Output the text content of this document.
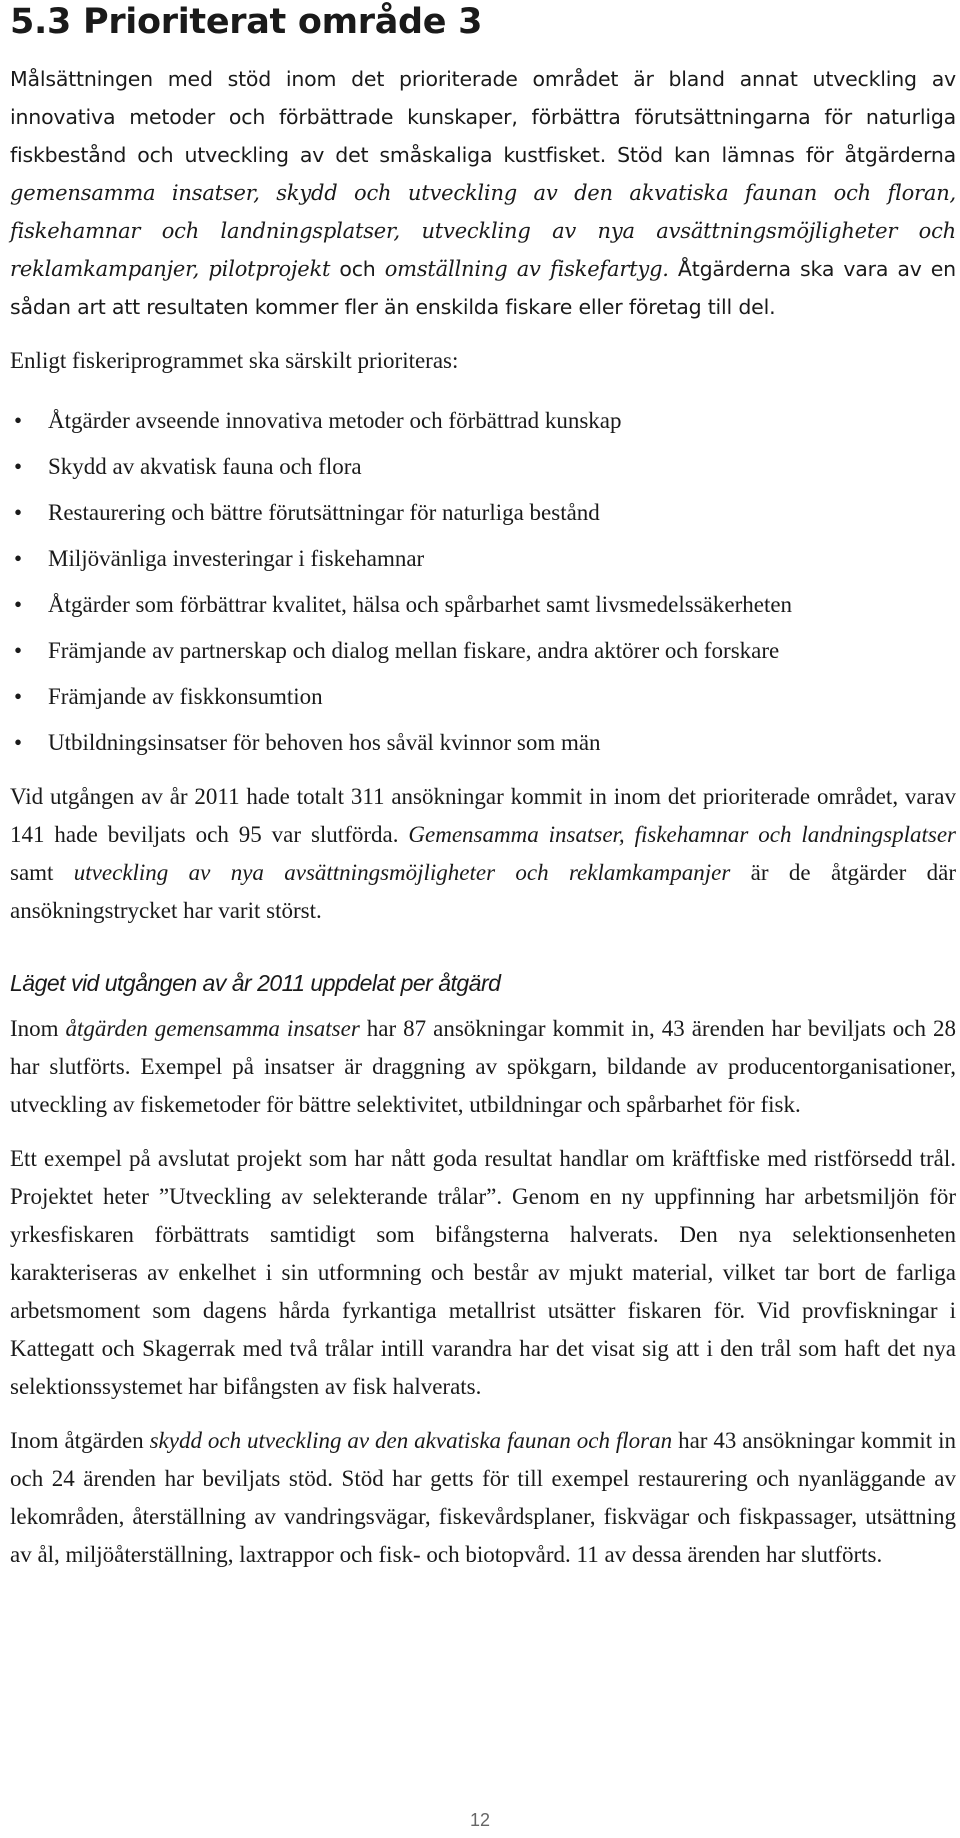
5.3 Prioriterat område 3

Målsättningen med stöd inom det prioriterade området är bland annat utveckling av innovativa metoder och förbättrade kunskaper, förbättra förutsättningarna för naturliga fiskbestånd och utveckling av det småskaliga kustfisket. Stöd kan lämnas för åtgärderna gemensamma insatser, skydd och utveckling av den akvatiska faunan och floran, fiskehamnar och landningsplatser, utveckling av nya avsättningsmöjligheter och reklamkampanjer, pilotprojekt och omställning av fiskefartyg. Åtgärderna ska vara av en sådan art att resultaten kommer fler än enskilda fiskare eller företag till del.

Enligt fiskeriprogrammet ska särskilt prioriteras:

• Åtgärder avseende innovativa metoder och förbättrad kunskap
• Skydd av akvatisk fauna och flora
• Restaurering och bättre förutsättningar för naturliga bestånd
• Miljövänliga investeringar i fiskehamnar
• Åtgärder som förbättrar kvalitet, hälsa och spårbarhet samt livsmedelssäkerheten
• Främjande av partnerskap och dialog mellan fiskare, andra aktörer och forskare
• Främjande av fiskkonsumtion
• Utbildningsinsatser för behoven hos såväl kvinnor som män

Vid utgången av år 2011 hade totalt 311 ansökningar kommit in inom det prioriterade området, varav 141 hade beviljats och 95 var slutförda. Gemensamma insatser, fiskehamnar och landningsplatser samt utveckling av nya avsättningsmöjligheter och reklamkampanjer är de åtgärder där ansökningstrycket har varit störst.

Läget vid utgången av år 2011 uppdelat per åtgärd

Inom åtgärden gemensamma insatser har 87 ansökningar kommit in, 43 ärenden har beviljats och 28 har slutförts. Exempel på insatser är draggning av spökgarn, bildande av producentorganisationer, utveckling av fiskemetoder för bättre selektivitet, utbildningar och spårbarhet för fisk.

Ett exempel på avslutat projekt som har nått goda resultat handlar om kräftfiske med ristförsedd trål. Projektet heter ”Utveckling av selekterande trålar”. Genom en ny uppfinning har arbetsmiljön för yrkesfiskaren förbättrats samtidigt som bifångsterna halverats. Den nya selektionsenheten karakteriseras av enkelhet i sin utformning och består av mjukt material, vilket tar bort de farliga arbetsmoment som dagens hårda fyrkantiga metallrist utsätter fiskaren för. Vid provfiskningar i Kattegatt och Skagerrak med två trålar intill varandra har det visat sig att i den trål som haft det nya selektionssystemet har bifångsten av fisk halverats.

Inom åtgärden skydd och utveckling av den akvatiska faunan och floran har 43 ansökningar kommit in och 24 ärenden har beviljats stöd. Stöd har getts för till exempel restaurering och nyanläggande av lekområden, återställning av vandringsvägar, fiskevårdsplaner, fiskvägar och fiskpassager, utsättning av ål, miljöåterställning, laxtrappor och fisk- och biotopvård. 11 av dessa ärenden har slutförts.

12
